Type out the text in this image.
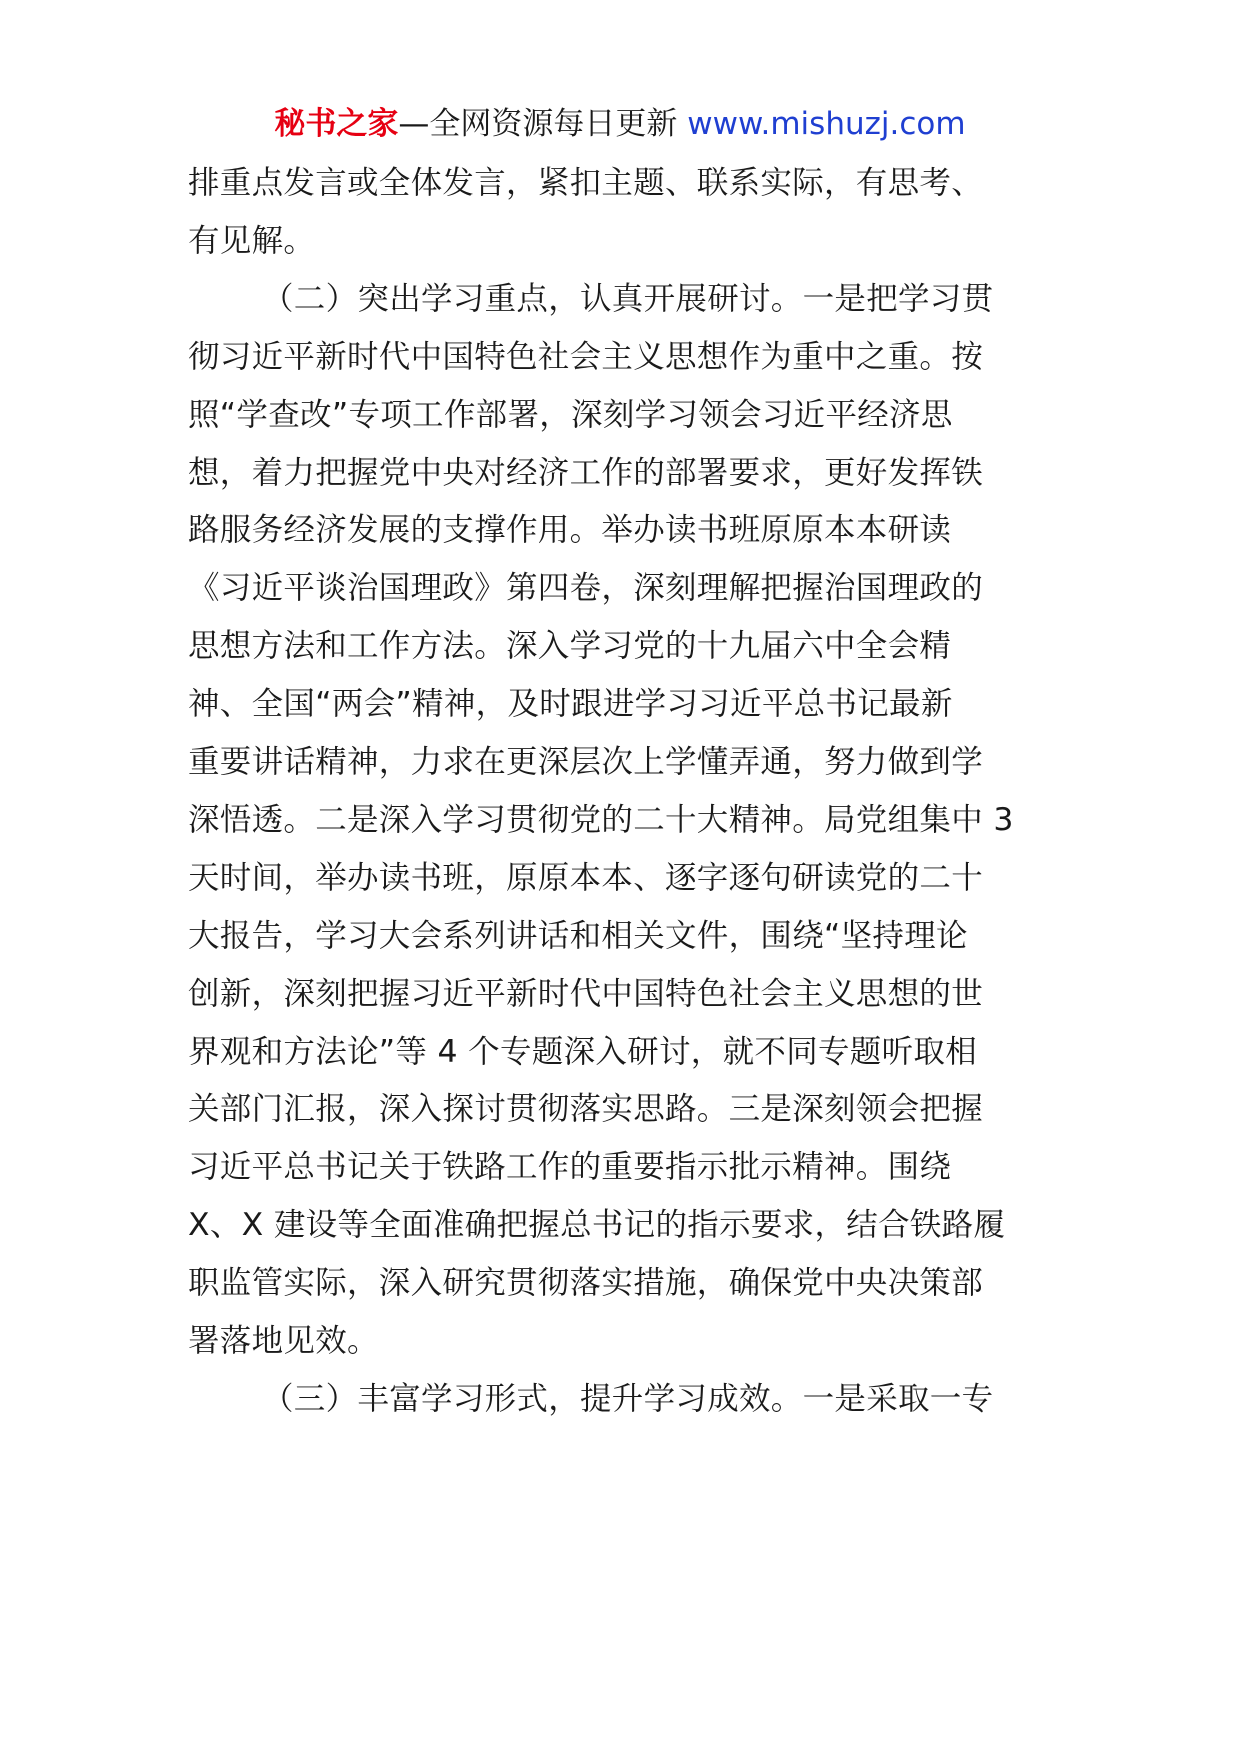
秘书之家—全网资源每日更新 www.mishuzj.com
排重点发言或全体发言，紧扣主题、联系实际，有思考、
有见解。
（二）突出学习重点，认真开展研讨。一是把学习贯
彻习近平新时代中国特色社会主义思想作为重中之重。按
照“学查改”专项工作部署，深刻学习领会习近平经济思
想，着力把握党中央对经济工作的部署要求，更好发挥铁
路服务经济发展的支撑作用。举办读书班原原本本研读
《习近平谈治国理政》第四卷，深刻理解把握治国理政的
思想方法和工作方法。深入学习党的十九届六中全会精
神、全国“两会”精神，及时跟进学习习近平总书记最新
重要讲话精神，力求在更深层次上学懂弄通，努力做到学
深悟透。二是深入学习贯彻党的二十大精神。局党组集中 3
天时间，举办读书班，原原本本、逐字逐句研读党的二十
大报告，学习大会系列讲话和相关文件，围绕“坚持理论
创新，深刻把握习近平新时代中国特色社会主义思想的世
界观和方法论”等 4 个专题深入研讨，就不同专题听取相
关部门汇报，深入探讨贯彻落实思路。三是深刻领会把握
习近平总书记关于铁路工作的重要指示批示精神。围绕
X、X 建设等全面准确把握总书记的指示要求，结合铁路履
职监管实际，深入研究贯彻落实措施，确保党中央决策部
署落地见效。
（三）丰富学习形式，提升学习成效。一是采取一专
